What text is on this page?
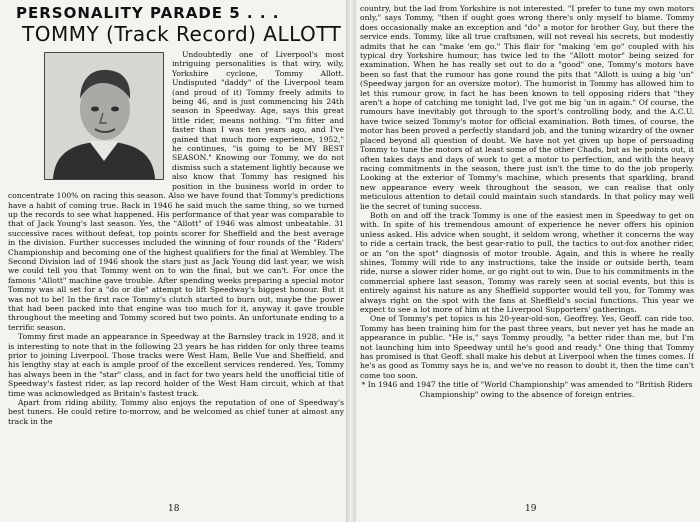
PERSONALITY PARADE 5 . . .
TOMMY (Track Record) ALLOTT

Undoubtedly one of Liverpool's most intriguing personalities is that wiry, wily, Yorkshire cyclone, Tommy Allott. Undisputed "daddy" of the Liverpool team (and proud of it) Tommy freely admits to being 46, and is just commencing his 24th season in Speedway. Age, says this great little rider, means nothing. "I'm fitter and faster than I was ten years ago, and I've gained that much more experience, 1952," he continues, "is going to be MY BEST SEASON." Knowing our Tommy, we do not dismiss such a statement lightly because we also know that Tommy has resigned his position in the business world in order to concentrate 100% on racing this season. Also we have found that Tommy's predictions have a habit of coming true. Back in 1946 he said much the same thing, so we turned up the records to see what happened. His performance of that year was comparable to that of Jack Young's last season. Yes, the "Allott" of 1946 was almost unbeatable. 31 successive races without defeat, top points scorer for Sheffield and the best average in the division. Further successes included the winning of four rounds of the "Riders' Championship and becoming one of the highest qualifiers for the final at Wembley. The Second Division lad of 1946 shook the stars just as Jack Young did last year, we wish we could tell you that Tommy went on to win the final, but we can't. For once the famous "Allott" machine gave trouble. After spending weeks preparing a special motor Tommy was all set for a "do or die" attempt to lift Speedway's biggest honour. But it was not to be! In the first race Tommy's clutch started to burn out, maybe the power that had been packed into that engine was too much for it, anyway it gave trouble throughout the meeting and Tommy scored but two points. An unfortunate ending to a terrific season.

Tommy first made an appearance in Speedway at the Barnsley track in 1928, and it is interesting to note that in the following 23 years he has ridden for only three teams prior to joining Liverpool. Those tracks were West Ham, Belle Vue and Sheffield, and his lengthy stay at each is ample proof of the excellent services rendered. Yes, Tommy has always been in the "star" class, and in fact for two years held the unofficial title of Speedway's fastest rider, as lap record holder of the West Ham circuit, which at that time was acknowledged as Britain's fastest track.

Apart from riding ability, Tommy also enjoys the reputation of one of Speedway's best tuners. He could retire to-morrow, and be welcomed as chief tuner at almost any track in the

18

country, but the lad from Yorkshire is not interested. "I prefer to tune my own motors only," says Tommy, "then if ought goes wrong there's only myself to blame. Tommy does occasionally make an exception and "do" a motor for brother Guy, but there the service ends. Tommy, like all true craftsmen, will not reveal his secrets, but modestly admits that he can "make 'em go." This flair for "making 'em go" coupled with his typical dry Yorkshire humour, has twice led to the "Allott motor" being seized for examination. When he has really set out to do a "good" one, Tommy's motors have been so fast that the rumour has gone round the pits that "Allott is using a big 'un" (Speedway jargon for an oversize motor). The humorist in Tommy has allowed him to let this rumour grow, in fact he has been known to tell opposing riders that "they aren't a hope of catching me tonight lad, I've got me big 'un in again." Of course, the rumours have inevitably got through to the sport's controlling body, and the A.C.U. have twice seized Tommy's motor for official examination. Both times, of course, the motor has been proved a perfectly standard job, and the tuning wizardry of the owner placed beyond all question of doubt. We have not yet given up hope of persuading Tommy to tune the motors of at least some of the other Chads, but as he points out, it often takes days and days of work to get a motor to perfection, and with the heavy racing commitments in the season, there just isn't the time to do the job properly. Looking at the exterior of Tommy's machine, which presents that sparkling, brand new appearance every week throughout the season, we can realise that only meticulous attention to detail could maintain such standards. In that policy may well lie the secret of tuning success.

Both on and off the track Tommy is one of the easiest men in Speedway to get on with. In spite of his tremendous amount of experience he never offers his opinion unless asked. His advice when sought, it seldom wrong, whether it concerns the way to ride a certain track, the best gear-ratio to pull, the tactics to out-fox another rider, or an "on the spot" diagnosis of motor trouble. Again, and this is where he really shines, Tommy will ride to any instructions, take the inside or outside berth, team ride, nurse a slower rider home, or go right out to win. Due to his commitments in the commercial sphere last season, Tommy was rarely seen at social events, but this is entirely against his nature as any Sheffield supporter would tell you, for Tommy was always right on the spot with the fans at Sheffield's social functions. This year we expect to see a lot more of him at the Liverpool Supporters' gatherings.

One of Tommy's pet topics is his 20-year-old-son, Geoffrey. Yes, Geoff. can ride too. Tommy has been training him for the past three years, but never yet has he made an appearance in public. "He is," says Tommy proudly, "a better rider than me, but I'm not launching him into Speedway until he's good and ready." One thing that Tommy has promised is that Geoff. shall make his debut at Liverpool when the times comes. If he's as good as Tommy says he is, and we've no reason to doubt it, then the time can't come too soon.

* In 1946 and 1947 the title of "World Championship" was amended to "British Riders Championship" owing to the absence of foreign entries.

19
